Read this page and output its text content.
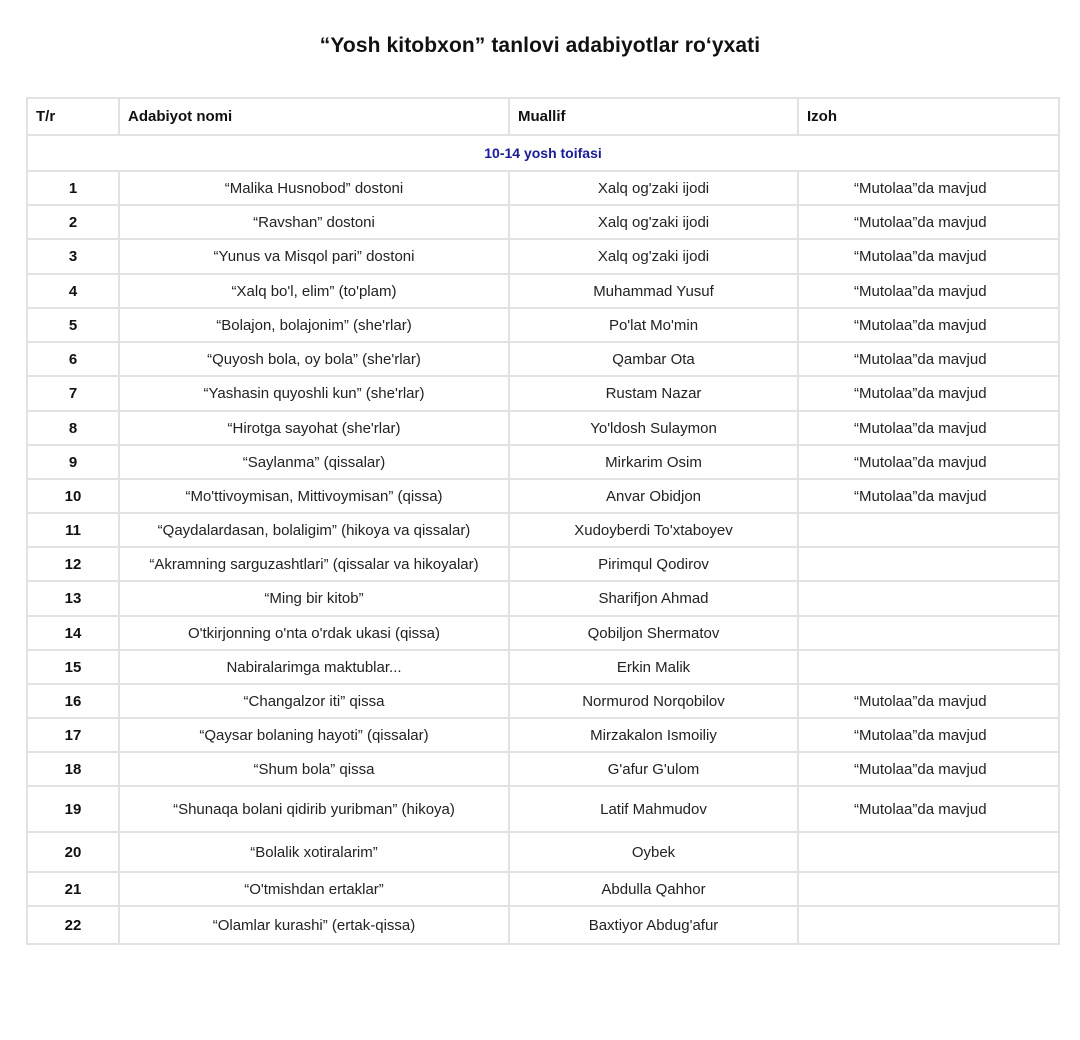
“Yosh kitobxon” tanlovi adabiyotlar ro‘yxati
T/r	Adabiyot nomi	Muallif	Izoh
10-14 yosh toifasi			
1	“Malika Husnobod” dostoni	Xalq og'zaki ijodi	“Mutolaa”da mavjud
2	“Ravshan” dostoni	Xalq og'zaki ijodi	“Mutolaa”da mavjud
3	“Yunus va Misqol pari” dostoni	Xalq og'zaki ijodi	“Mutolaa”da mavjud
4	“Xalq bo'l, elim” (to'plam)	Muhammad Yusuf	“Mutolaa”da mavjud
5	“Bolajon, bolajonim” (she'rlar)	Po'lat Mo'min	“Mutolaa”da mavjud
6	“Quyosh bola, oy bola” (she'rlar)	Qambar Ota	“Mutolaa”da mavjud
7	“Yashasin quyoshli kun” (she'rlar)	Rustam Nazar	“Mutolaa”da mavjud
8	“Hirotga sayohat (she'rlar)	Yo'ldosh Sulaymon	“Mutolaa”da mavjud
9	“Saylanma” (qissalar)	Mirkarim Osim	“Mutolaa”da mavjud
10	“Mo'ttivoymisan, Mittivoymisan” (qissa)	Anvar Obidjon	“Mutolaa”da mavjud
11	“Qaydalardasan, bolaligim” (hikoya va qissalar)	Xudoyberdi To'xtaboyev	
12	“Akramning sarguzashtlari” (qissalar va hikoyalar)	Pirimqul Qodirov	
13	“Ming bir kitob”	Sharifjon Ahmad	
14	O'tkirjonning o'nta o'rdak ukasi (qissa)	Qobiljon Shermatov	
15	Nabiralarimga maktublar...	Erkin Malik	
16	“Changalzor iti” qissa	Normurod Norqobilov	“Mutolaa”da mavjud
17	“Qaysar bolaning hayoti” (qissalar)	Mirzakalon Ismoiliy	“Mutolaa”da mavjud
18	“Shum bola” qissa	G'afur G'ulom	“Mutolaa”da mavjud
19	“Shunaqa bolani qidirib yuribman” (hikoya)	Latif Mahmudov	“Mutolaa”da mavjud
20	“Bolalik xotiralarim”	Oybek	
21	“O'tmishdan ertaklar”	Abdulla Qahhor	
22	“Olamlar kurashi” (ertak-qissa)	Baxtiyor Abdug'afur	
